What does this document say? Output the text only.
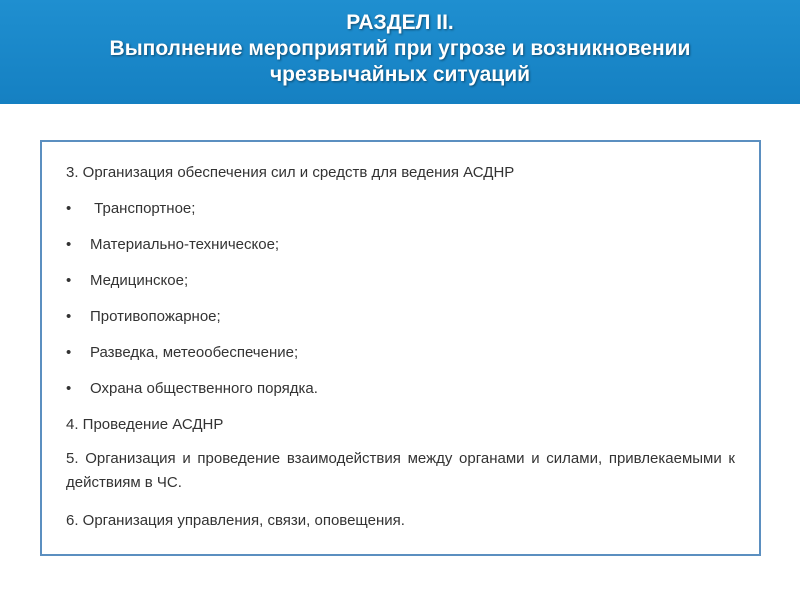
РАЗДЕЛ II.
Выполнение мероприятий при угрозе и возникновении
чрезвычайных ситуаций
3. Организация обеспечения сил и средств для ведения АСДНР
•	Транспортное;
•	Материально-техническое;
•	Медицинское;
•	Противопожарное;
•	Разведка, метеообеспечение;
•	Охрана общественного порядка.
4. Проведение АСДНР
5. Организация и проведение взаимодействия между органами и силами, привлекаемыми к действиям в ЧС.
6. Организация управления, связи, оповещения.
